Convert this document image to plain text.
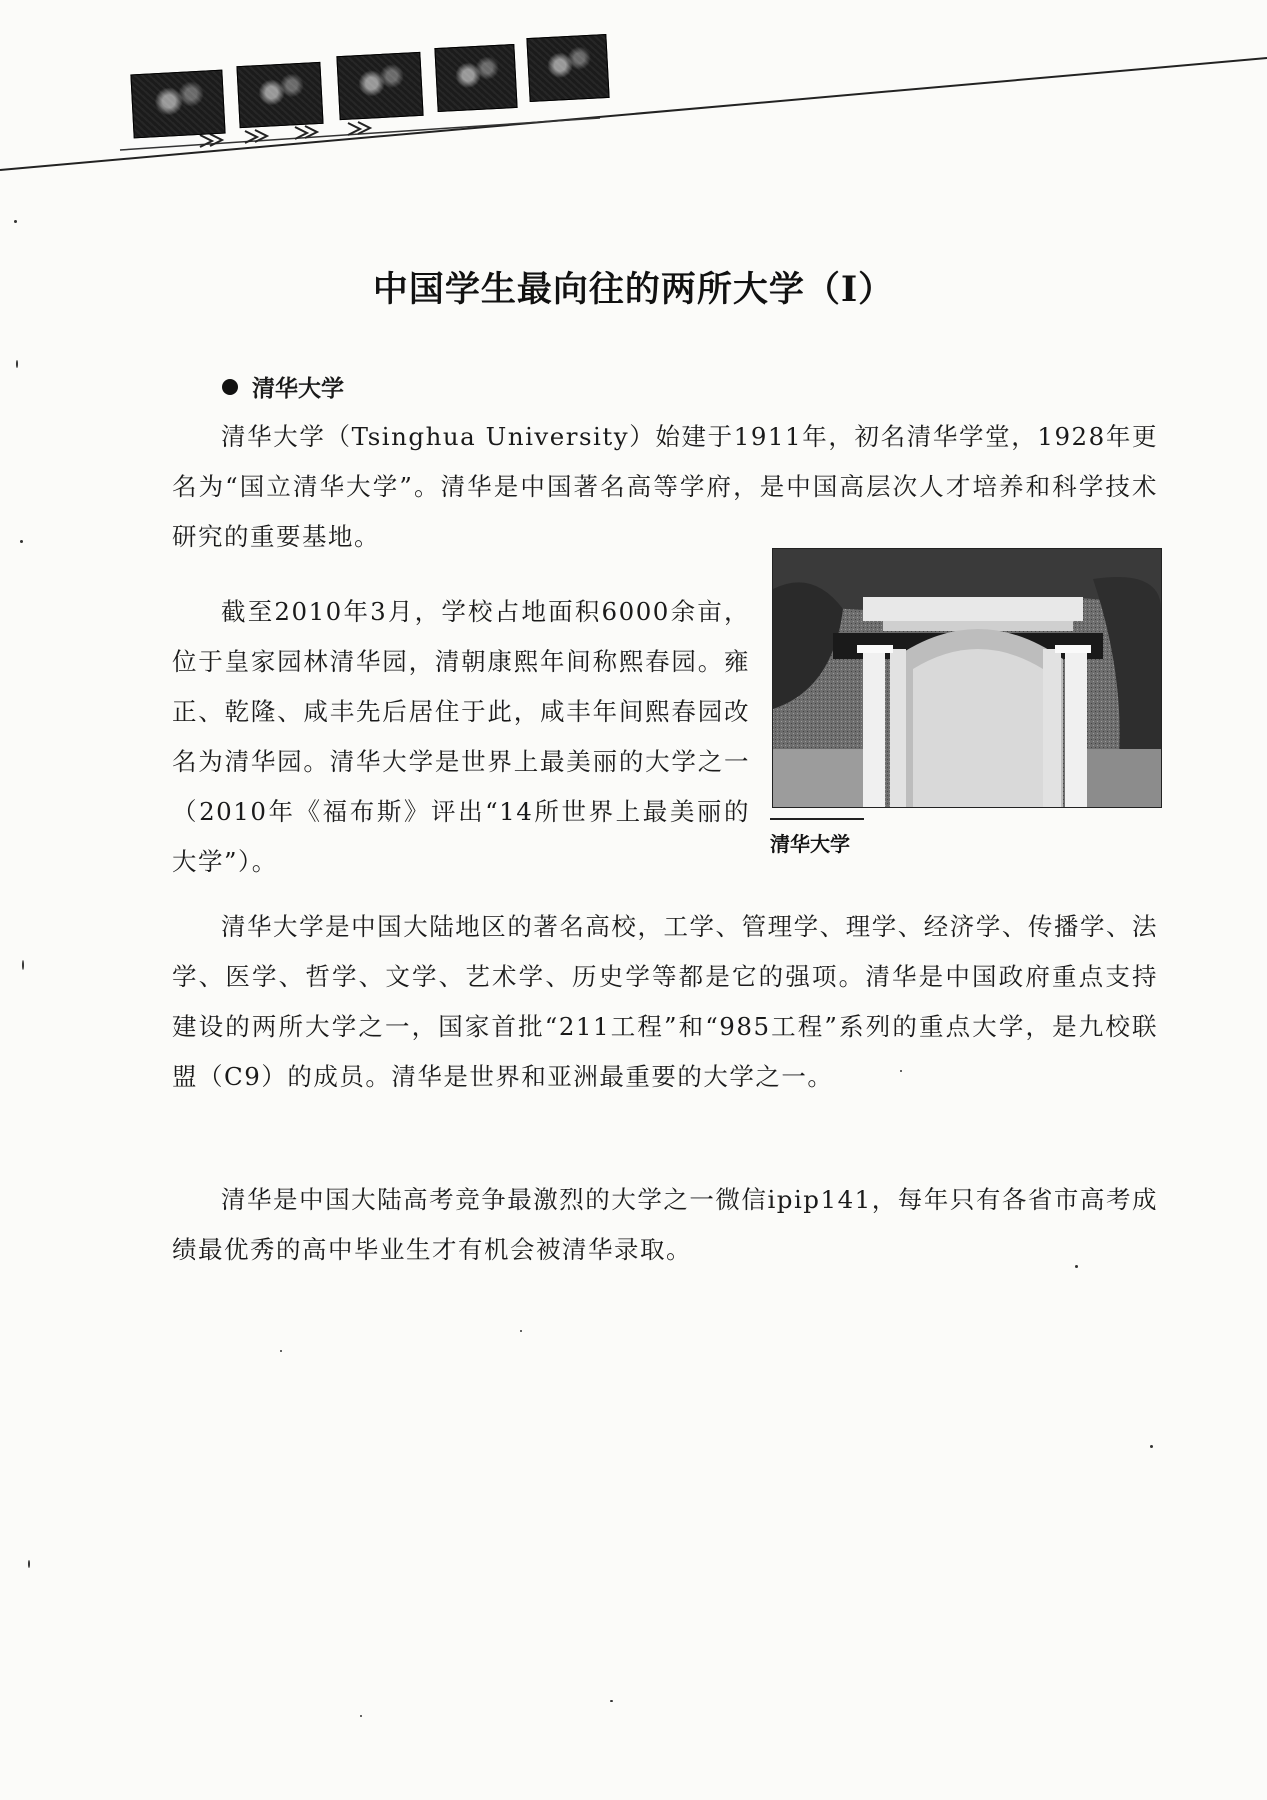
中国学生最向往的两所大学（I）
清华大学

清华大学（Tsinghua University）始建于1911年，初名清华学堂，1928年更名为“国立清华大学”。清华是中国著名高等学府，是中国高层次人才培养和科学技术研究的重要基地。

截至2010年3月，学校占地面积6000余亩，位于皇家园林清华园，清朝康熙年间称熙春园。雍正、乾隆、咸丰先后居住于此，咸丰年间熙春园改名为清华园。清华大学是世界上最美丽的大学之一（2010年《福布斯》评出“14所世界上最美丽的大学”）。

清华大学

清华大学是中国大陆地区的著名高校，工学、管理学、理学、经济学、传播学、法学、医学、哲学、文学、艺术学、历史学等都是它的强项。清华是中国政府重点支持建设的两所大学之一，国家首批“211工程”和“985工程”系列的重点大学，是九校联盟（C9）的成员。清华是世界和亚洲最重要的大学之一。

清华是中国大陆高考竞争最激烈的大学之一微信ipip141，每年只有各省市高考成绩最优秀的高中毕业生才有机会被清华录取。
